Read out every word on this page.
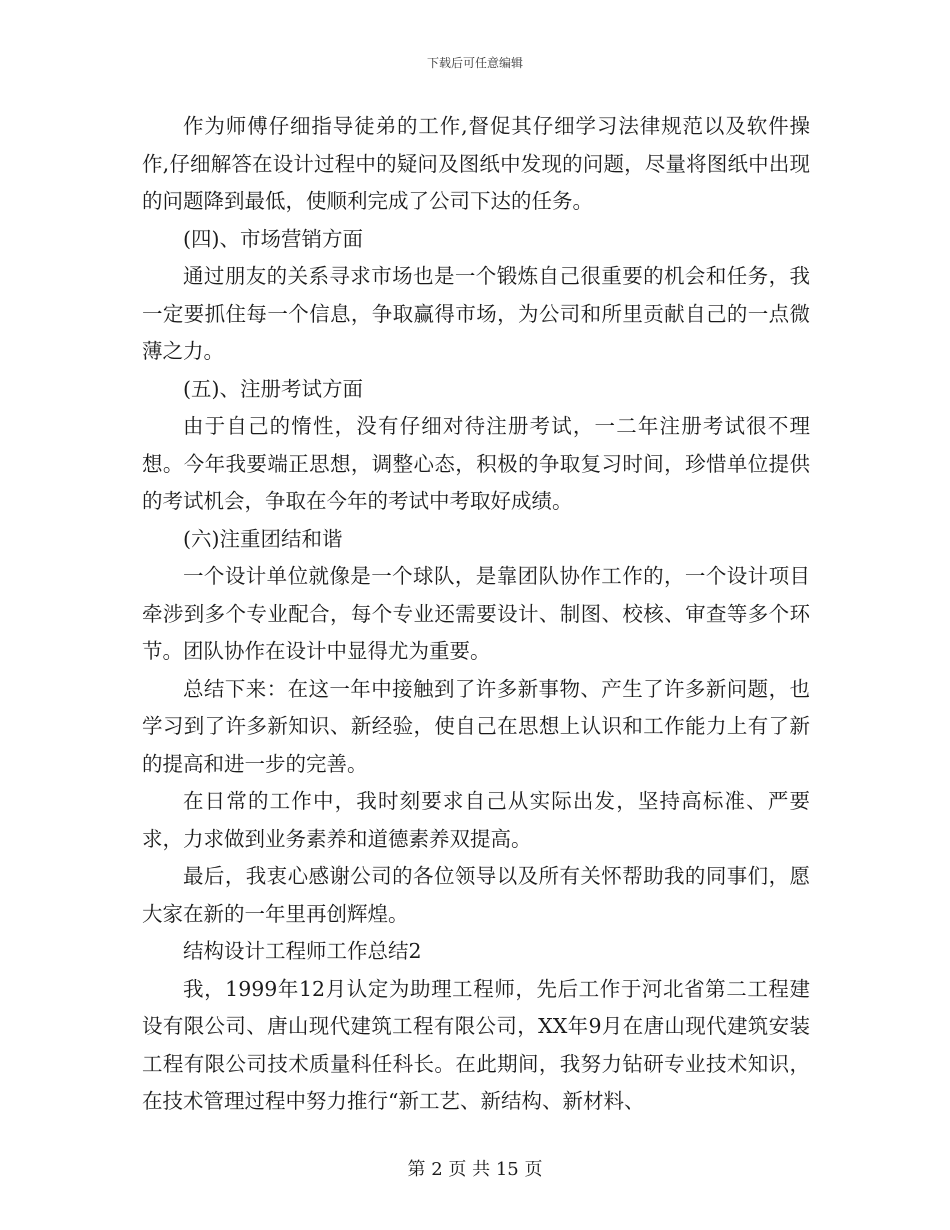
下载后可任意编辑

作为师傅仔细指导徒弟的工作,督促其仔细学习法律规范以及软件操作,仔细解答在设计过程中的疑问及图纸中发现的问题，尽量将图纸中出现的问题降到最低，使顺利完成了公司下达的任务。

(四)、市场营销方面

通过朋友的关系寻求市场也是一个锻炼自己很重要的机会和任务，我一定要抓住每一个信息，争取赢得市场，为公司和所里贡献自己的一点微薄之力。

(五)、注册考试方面

由于自己的惰性，没有仔细对待注册考试，一二年注册考试很不理想。今年我要端正思想，调整心态，积极的争取复习时间，珍惜单位提供的考试机会，争取在今年的考试中考取好成绩。

(六)注重团结和谐

一个设计单位就像是一个球队，是靠团队协作工作的，一个设计项目牵涉到多个专业配合，每个专业还需要设计、制图、校核、审查等多个环节。团队协作在设计中显得尤为重要。

总结下来：在这一年中接触到了许多新事物、产生了许多新问题，也学习到了许多新知识、新经验，使自己在思想上认识和工作能力上有了新的提高和进一步的完善。

在日常的工作中，我时刻要求自己从实际出发，坚持高标准、严要求，力求做到业务素养和道德素养双提高。

最后，我衷心感谢公司的各位领导以及所有关怀帮助我的同事们，愿大家在新的一年里再创辉煌。

结构设计工程师工作总结2

我，1999年12月认定为助理工程师，先后工作于河北省第二工程建设有限公司、唐山现代建筑工程有限公司，XX年9月在唐山现代建筑安装工程有限公司技术质量科任科长。在此期间，我努力钻研专业技术知识，在技术管理过程中努力推行“新工艺、新结构、新材料、

第 2 页 共 15 页
